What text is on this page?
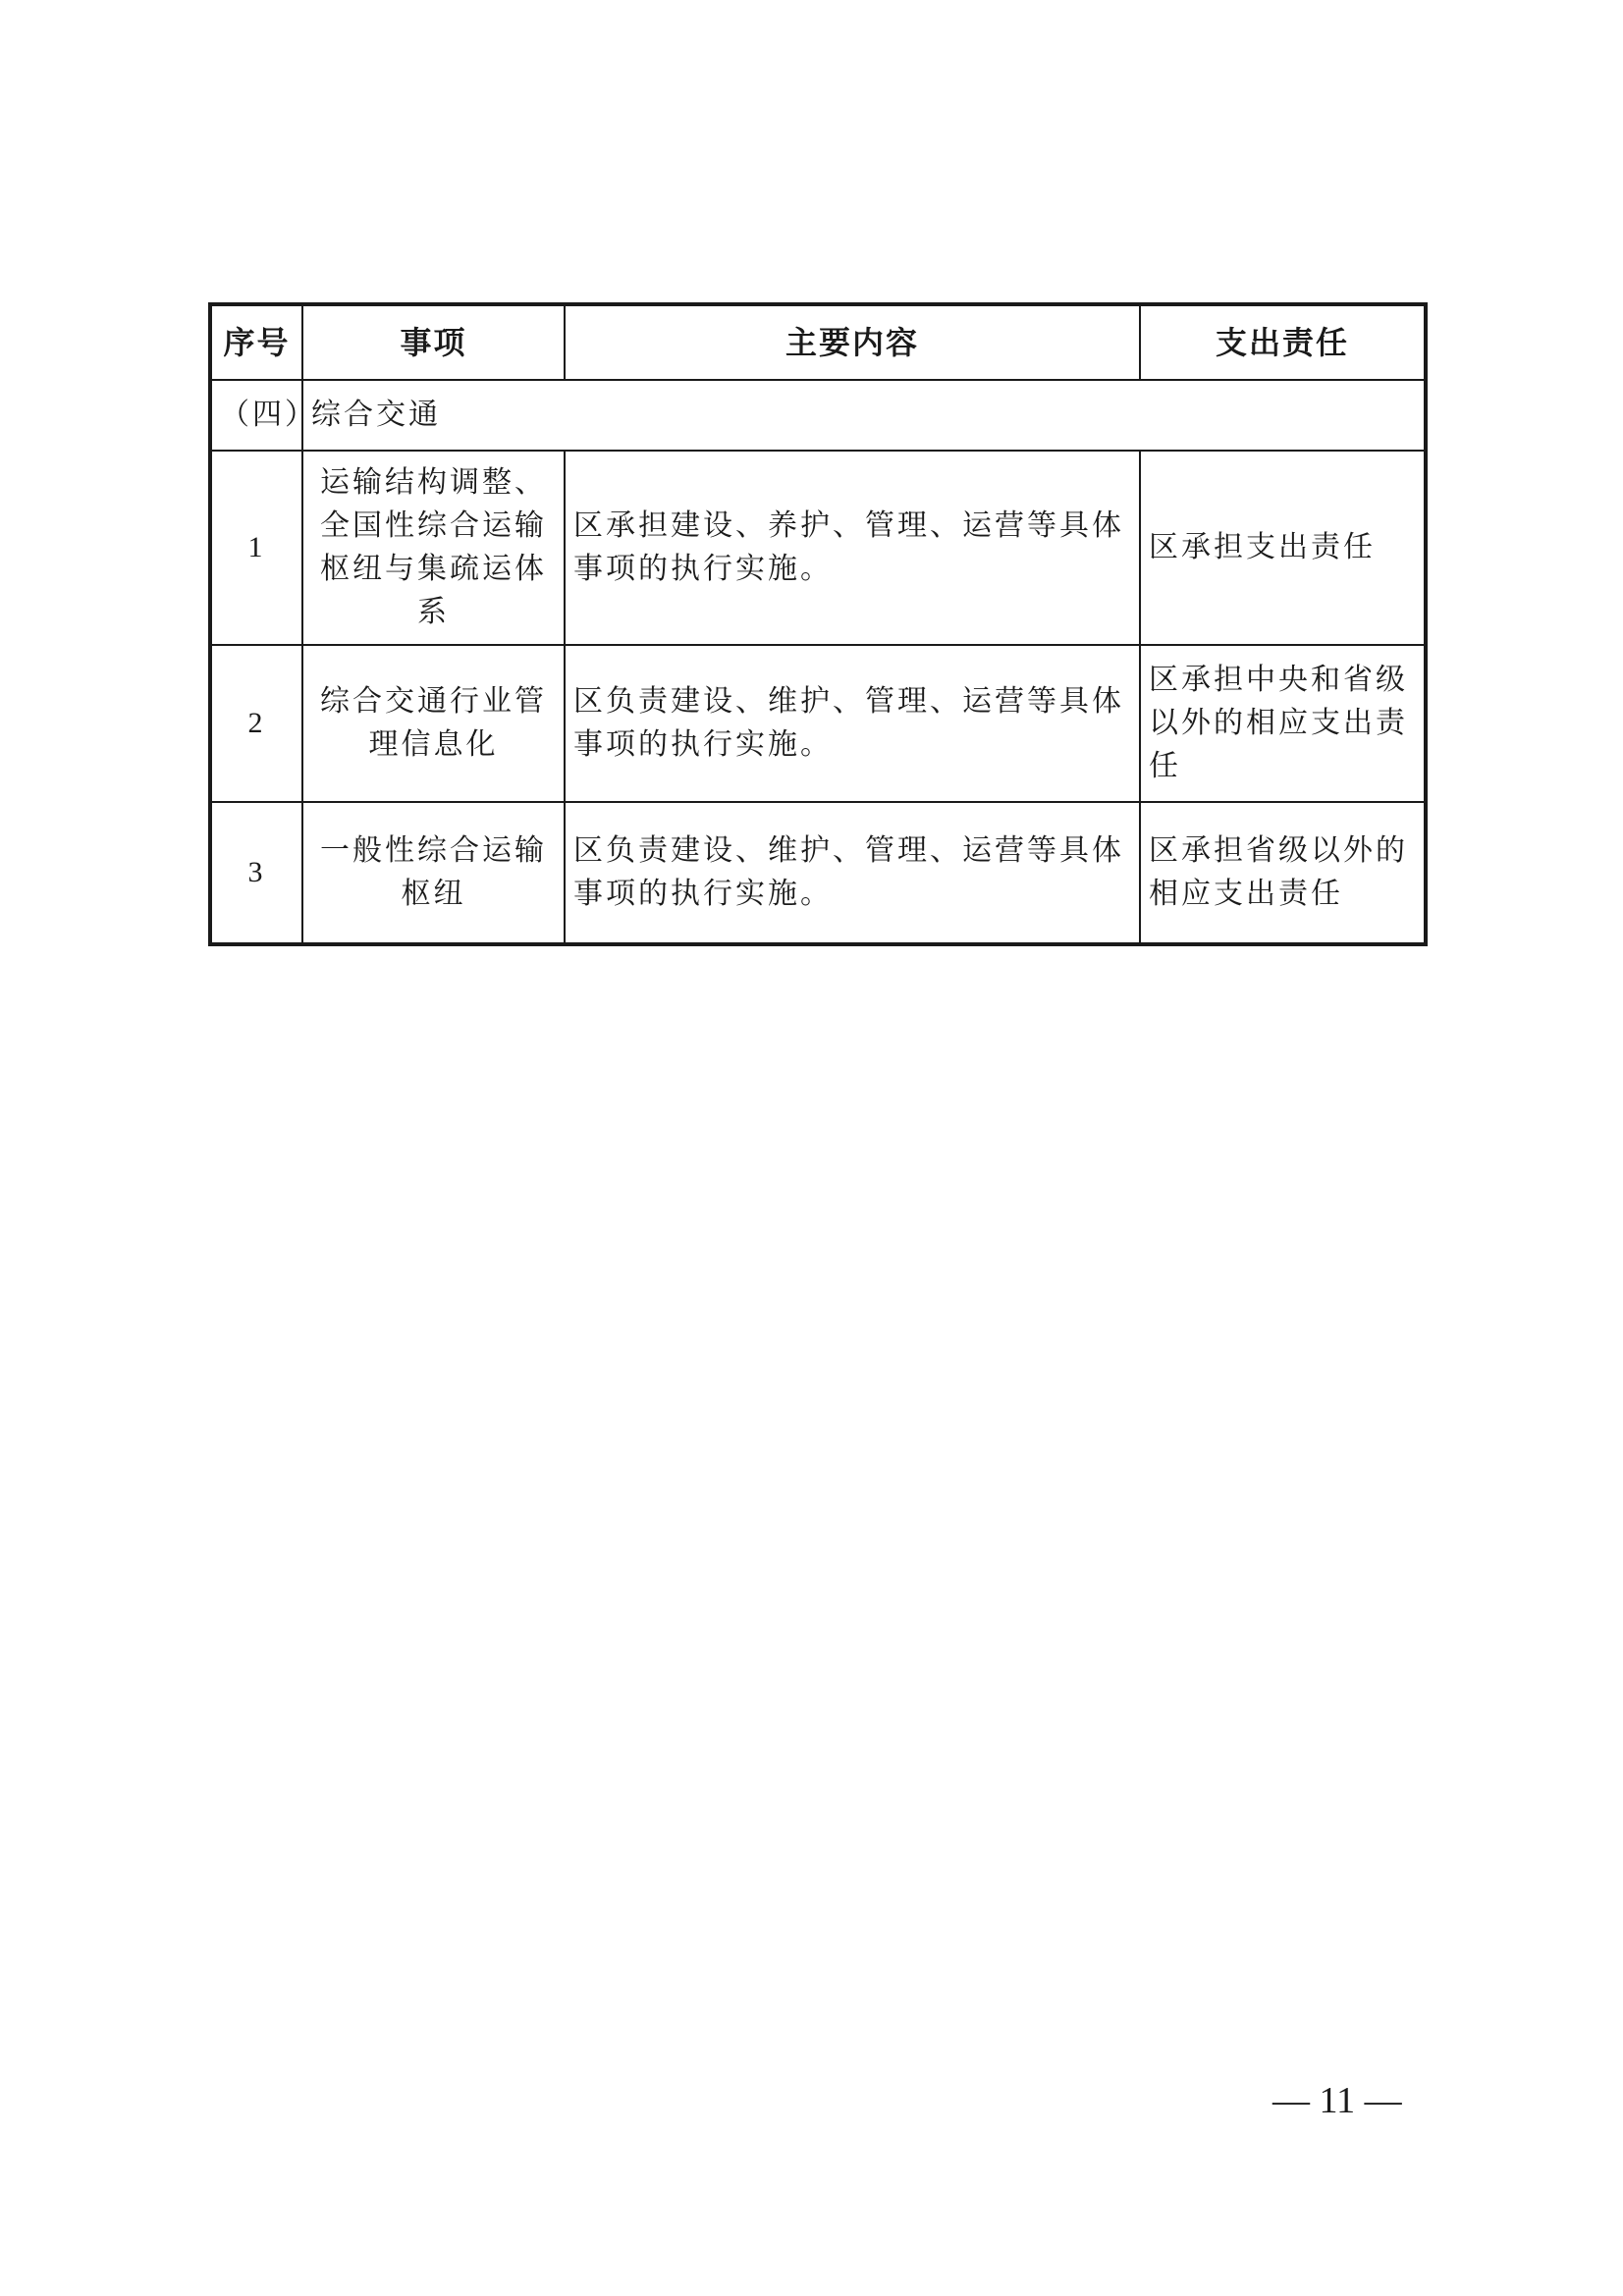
序号	事项	主要内容	支出责任
（四）	综合交通		
1	运输结构调整、全国性综合运输枢纽与集疏运体系	区承担建设、养护、管理、运营等具体事项的执行实施。	区承担支出责任
2	综合交通行业管理信息化	区负责建设、维护、管理、运营等具体事项的执行实施。	区承担中央和省级以外的相应支出责任
3	一般性综合运输枢纽	区负责建设、维护、管理、运营等具体事项的执行实施。	区承担省级以外的相应支出责任
— 11 —
